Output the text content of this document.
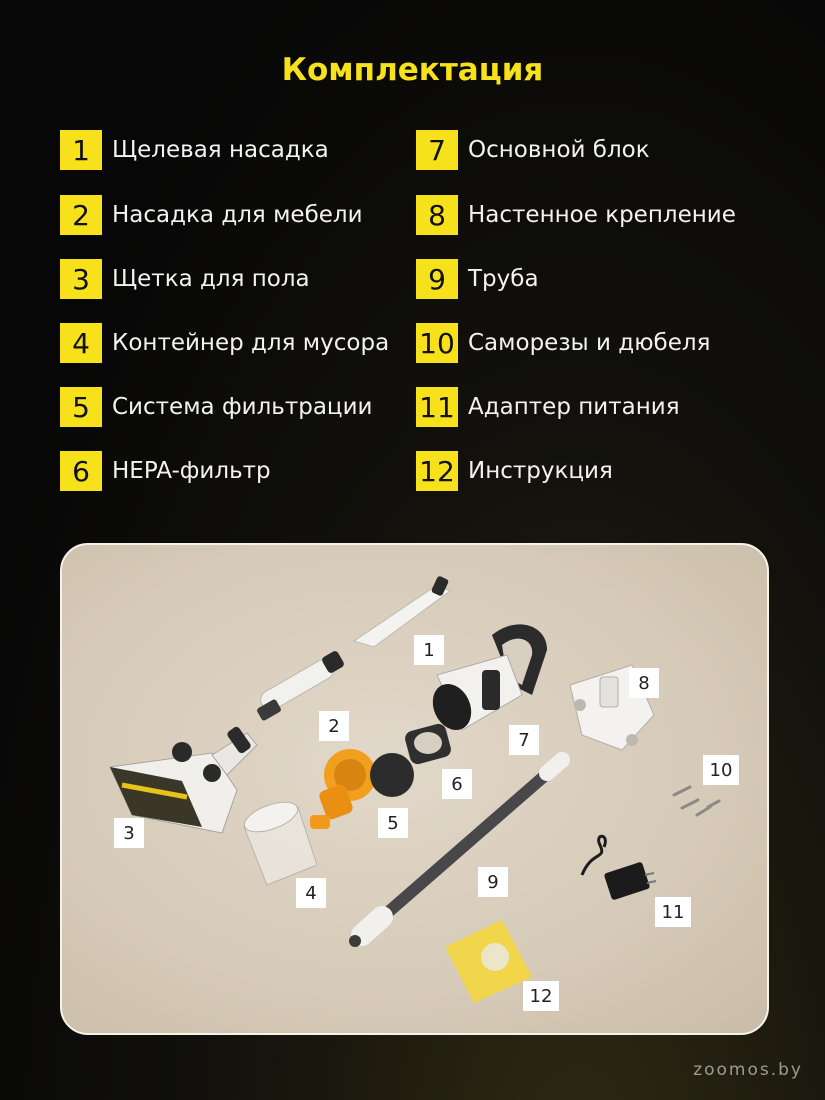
Комплектация
1 Щелевая насадка
2 Насадка для мебели
3 Щетка для пола
4 Контейнер для мусора
5 Система фильтрации
6 HEPA-фильтр
7 Основной блок
8 Настенное крепление
9 Труба
10 Саморезы и дюбеля
11 Адаптер питания
12 Инструкция
1
2
3
4
5
6
7
8
9
10
11
12
zoomos.by
